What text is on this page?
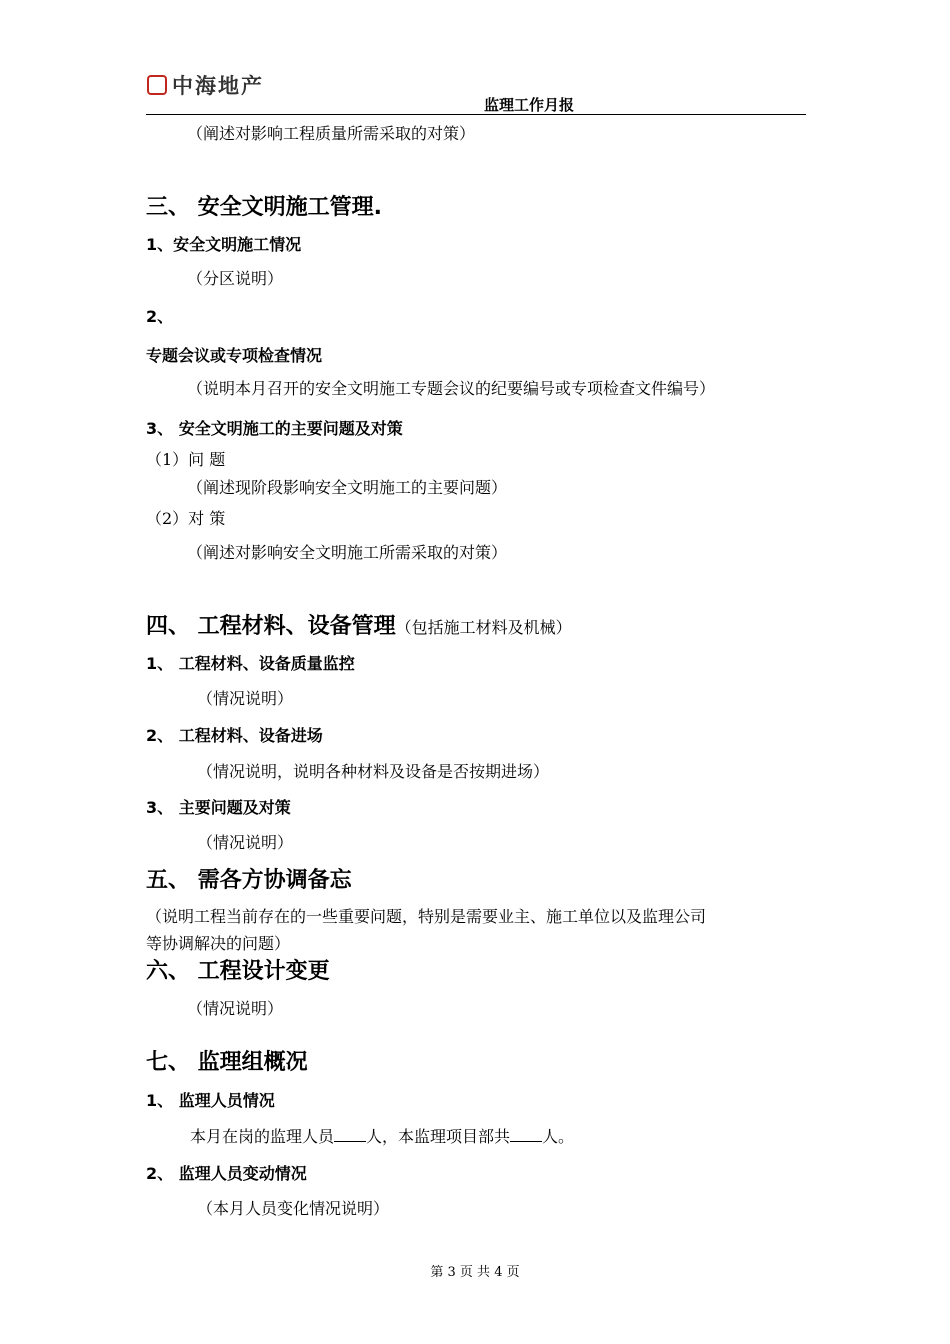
中海地产
监理工作月报
（阐述对影响工程质量所需采取的对策）
三、 安全文明施工管理.
1、安全文明施工情况
（分区说明）
2、
专题会议或专项检查情况
（说明本月召开的安全文明施工专题会议的纪要编号或专项检查文件编号）
3、 安全文明施工的主要问题及对策
（1）问 题
（阐述现阶段影响安全文明施工的主要问题）
（2）对 策
（阐述对影响安全文明施工所需采取的对策）
四、 工程材料、设备管理（包括施工材料及机械）
1、 工程材料、设备质量监控
（情况说明）
2、 工程材料、设备进场
（情况说明，说明各种材料及设备是否按期进场）
3、 主要问题及对策
（情况说明）
五、 需各方协调备忘
（说明工程当前存在的一些重要问题，特别是需要业主、施工单位以及监理公司
等协调解决的问题）
六、 工程设计变更
（情况说明）
七、 监理组概况
1、 监理人员情况
本月在岗的监理人员 人，本监理项目部共 人。
2、 监理人员变动情况
（本月人员变化情况说明）
第 3 页 共 4 页
